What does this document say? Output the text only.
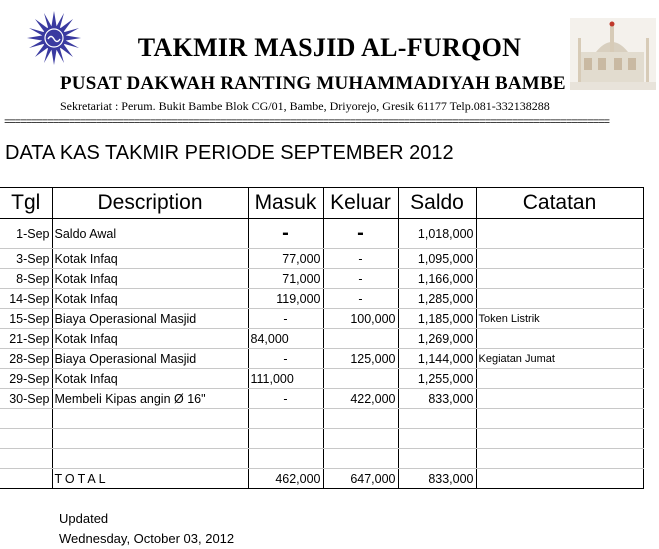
TAKMIR MASJID AL-FURQON
PUSAT DAKWAH RANTING MUHAMMADIYAH BAMBE
Sekretariat : Perum. Bukit Bambe Blok CG/01, Bambe, Driyorejo, Gresik 61177 Telp.081-332138288
================================================================================================================
DATA KAS TAKMIR PERIODE SEPTEMBER 2012
Tgl	Description	Masuk	Keluar	Saldo	Catatan
1-Sep	Saldo Awal	-	-	1,018,000	
3-Sep	Kotak Infaq	77,000	-	1,095,000	
8-Sep	Kotak Infaq	71,000	-	1,166,000	
14-Sep	Kotak Infaq	119,000	-	1,285,000	
15-Sep	Biaya Operasional Masjid	-	100,000	1,185,000	Token Listrik
21-Sep	Kotak Infaq	84,000		1,269,000	
28-Sep	Biaya Operasional Masjid	-	125,000	1,144,000	Kegiatan Jumat
29-Sep	Kotak Infaq	111,000		1,255,000	
30-Sep	Membeli Kipas angin Ø 16"	-	422,000	833,000	

	TOTAL	462,000	647,000	833,000	
Updated
Wednesday, October 03, 2012
